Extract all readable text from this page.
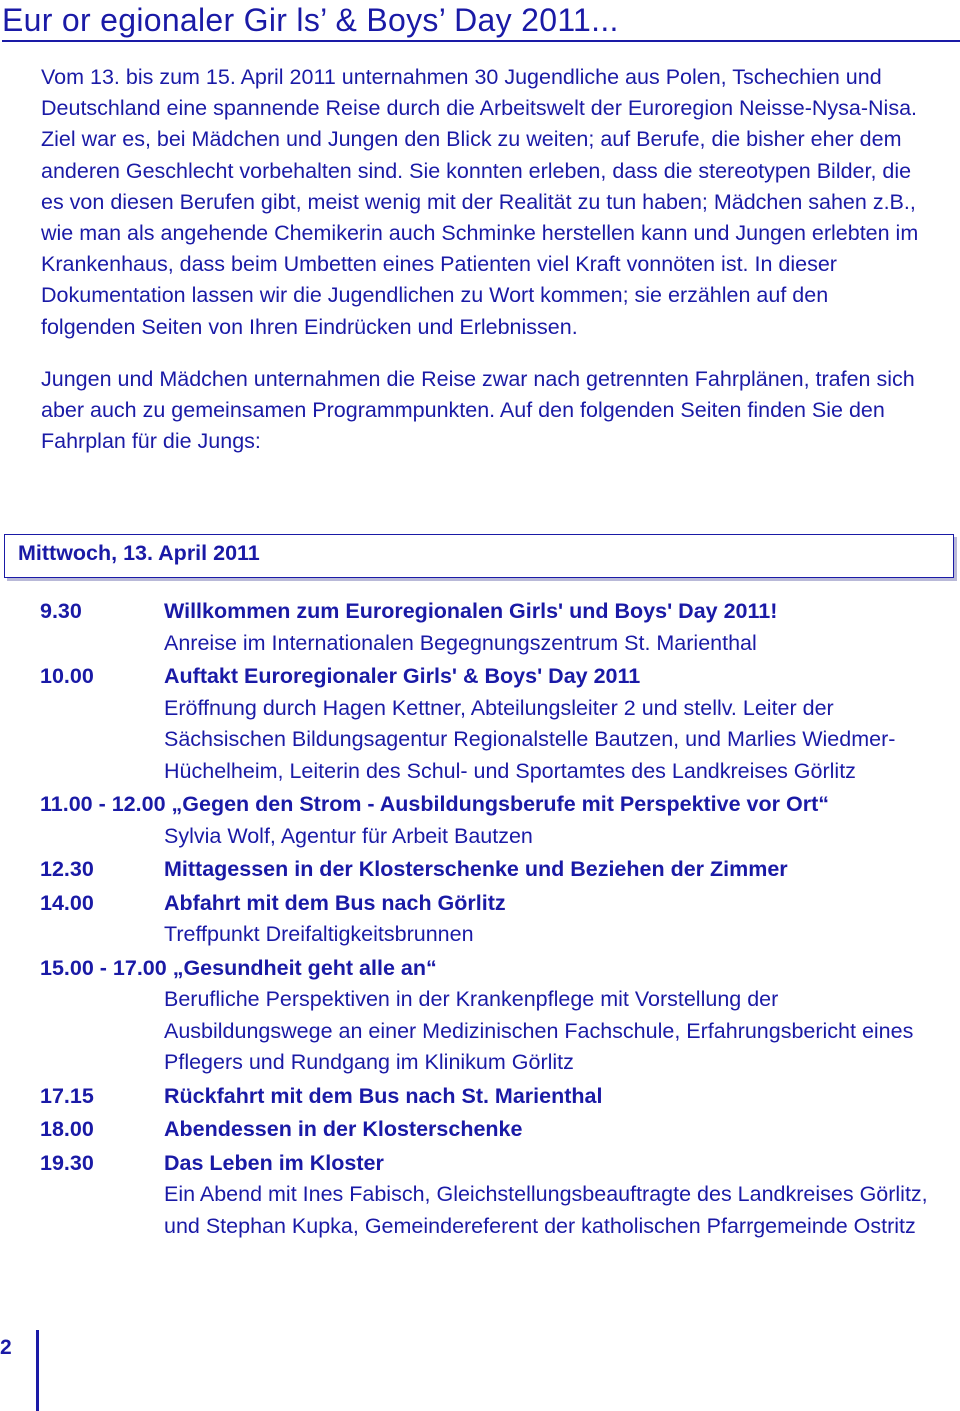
Eur or egionaler Gir ls’ & Boys’ Day 2011...

Vom 13. bis zum 15. April 2011 unternahmen 30 Jugendliche aus Polen, Tschechien und Deutschland eine spannende Reise durch die Arbeitswelt der Euroregion Neisse-Nysa-Nisa. Ziel war es, bei Mädchen und Jungen den Blick zu weiten; auf Berufe, die bisher eher dem anderen Geschlecht vorbehalten sind. Sie konnten erleben, dass die stereotypen Bilder, die es von diesen Berufen gibt, meist wenig mit der Realität zu tun haben; Mädchen sahen z.B., wie man als angehende Chemikerin auch Schminke herstellen kann und Jungen erlebten im Krankenhaus, dass beim Umbetten eines Patienten viel Kraft vonnöten ist. In dieser Dokumentation lassen wir die Jugendlichen zu Wort kommen; sie erzählen auf den folgenden Seiten von Ihren Eindrücken und Erlebnissen.

Jungen und Mädchen unternahmen die Reise zwar nach getrennten Fahrplänen, trafen sich aber auch zu gemeinsamen Programmpunkten. Auf den folgenden Seiten finden Sie den Fahrplan für die Jungs:

Mittwoch, 13. April 2011
9.30	Willkommen zum Euroregionalen Girls' und Boys' Day 2011!
Anreise im Internationalen Begegnungszentrum St. Marienthal
10.00	Auftakt Euroregionaler Girls' & Boys' Day 2011
Eröffnung durch Hagen Kettner, Abteilungsleiter 2 und stellv. Leiter der Sächsischen Bildungsagentur Regionalstelle Bautzen, und Marlies Wiedmer-Hüchelheim, Leiterin des Schul- und Sportamtes des Landkreises Görlitz
11.00 - 12.00 „Gegen den Strom - Ausbildungsberufe mit Perspektive vor Ort“
Sylvia Wolf, Agentur für Arbeit Bautzen
12.30	Mittagessen in der Klosterschenke und Beziehen der Zimmer
14.00	Abfahrt mit dem Bus nach Görlitz
Treffpunkt Dreifaltigkeitsbrunnen
15.00 - 17.00 „Gesundheit geht alle an“
Berufliche Perspektiven in der Krankenpflege mit Vorstellung der Ausbildungswege an einer Medizinischen Fachschule, Erfahrungsbericht eines Pflegers und Rundgang im Klinikum Görlitz
17.15	Rückfahrt mit dem Bus nach St. Marienthal
18.00	Abendessen in der Klosterschenke
19.30	Das Leben im Kloster
Ein Abend mit Ines Fabisch, Gleichstellungsbeauftragte des Landkreises Görlitz, und Stephan Kupka, Gemeindereferent der katholischen Pfarrgemeinde Ostritz
2
